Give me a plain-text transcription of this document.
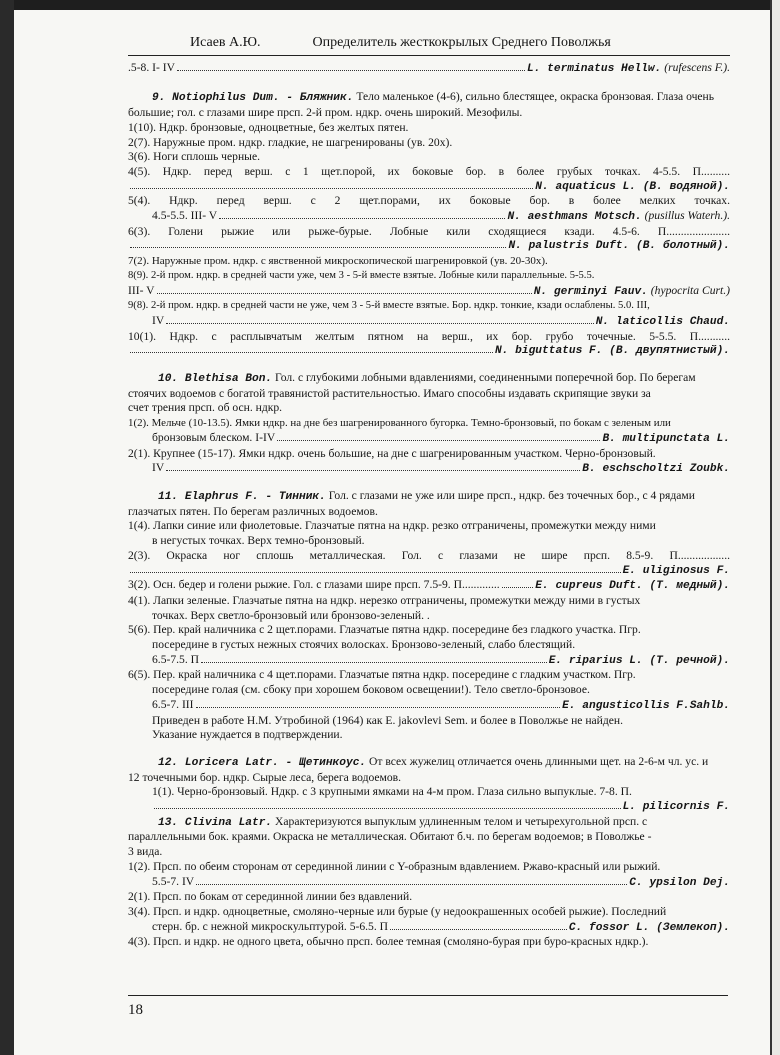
Исаев А.Ю.	Определитель жесткокрылых Среднего Поволжья
.5-8. I- IV	L. terminatus Hellw. (rufescens F.).
9. Notiophilus Dum. - Бляжник. Тело маленькое (4-6), сильно блестящее, окраска бронзовая. Глаза очень
большие; гол. с глазами шире прсп. 2-й пром. ндкр. очень широкий. Мезофилы.
1(10). Ндкр. бронзовые, одноцветные, без желтых пятен.
2(7). Наружные пром. ндкр. гладкие, не шагренированы (ув. 20х).
3(6). Ноги сплошь черные.
4(5). Ндкр. перед верш. с 1 щет.порой, их боковые бор. в более грубых точках. 4-5.5. П..........
N. aquaticus L. (B. водяной).
5(4). Ндкр. перед верш. с 2 щет.порами, их боковые бор. в более мелких точках.
4.5-5.5. III- V	N. aesthmans Motsch. (pusillus Waterh.).
6(3). Голени рыжие или рыже-бурые. Лобные кили сходящиеся кзади. 4.5-6. П......................
N. palustris Duft. (B. болотный).
7(2). Наружные пром. ндкр. с явственной микроскопической шагренировкой (ув. 20-30х).
8(9). 2-й пром. ндкр. в средней части уже, чем 3 - 5-й вместе взятые. Лобные кили параллельные. 5-5.5.
III- V	N. germinyi Fauv. (hypocrita Curt.)
9(8). 2-й пром. ндкр. в средней части не уже, чем 3 - 5-й вместе взятые. Бор. ндкр. тонкие, кзади ослаблены. 5.0. III,
IV	N. laticollis Chaud.
10(1). Ндкр. с расплывчатым желтым пятном на верш., их бор. грубо точечные. 5-5.5. П...........
N. biguttatus F. (B. двупятнистый).
10. Blethisa Bon. Гол. с глубокими лобными вдавлениями, соединенными поперечной бор. По берегам
стоячих водоемов с богатой травянистой растительностью. Имаго способны издавать скрипящие звуки за
счет трения прсп. об осн. ндкр.
1(2). Мельче (10-13.5). Ямки ндкр. на дне без шагренированного бугорка. Темно-бронзовый, по бокам с зеленым или
бронзовым блеском. I-IV	B. multipunctata L.
2(1). Крупнее (15-17). Ямки ндкр. очень большие, на дне с шагренированным участком. Черно-бронзовый.
IV	B. eschscholtzi Zoubk.
11. Elaphrus F. - Тинник. Гол. с глазами не уже или шире прсп., ндкр. без точечных бор., с 4 рядами
глазчатых пятен. По берегам различных водоемов.
1(4). Лапки синие или фиолетовые. Глазчатые пятна на ндкр. резко отграничены, промежутки между ними
в негустых точках. Верх темно-бронзовый.
2(3). Окраска ног сплошь металлическая. Гол. с глазами не шире прсп. 8.5-9. П..................
E. uliginosus F.
3(2). Осн. бедер и голени рыжие. Гол. с глазами шире прсп. 7.5-9. П.............	E. cupreus Duft. (T. медный).
4(1). Лапки зеленые. Глазчатые пятна на ндкр. нерезко отграничены, промежутки между ними в густых
точках. Верх светло-бронзовый или бронзово-зеленый. .
5(6). Пер. край наличника с 2 щет.порами. Глазчатые пятна ндкр. посередине без гладкого участка. Пгр.
посередине в густых нежных стоячих волосках. Бронзово-зеленый, слабо блестящий.
6.5-7.5. П	E. riparius L. (T. речной).
6(5). Пер. край наличника с 4 щет.порами. Глазчатые пятна ндкр. посередине с гладким участком. Пгр.
посередине голая (см. сбоку при хорошем боковом освещении!). Тело светло-бронзовое.
6.5-7. III	E. angusticollis F.Sahlb.
Приведен в работе Н.М. Утробиной (1964) как E. jakovlevi Sem. и более в Поволжье не найден.
Указание нуждается в подтверждении.
12. Loricera Latr. - Щетинкоус. От всех жужелиц отличается очень длинными щет. на 2-6-м чл. ус. и
12 точечными бор. ндкр. Сырые леса, берега водоемов.
1(1). Черно-бронзовый. Ндкр. с 3 крупными ямками на 4-м пром. Глаза сильно выпуклые. 7-8. П.
L. pilicornis F.
13. Clivina Latr. Характеризуются выпуклым удлиненным телом и четырехугольной прсп. с
параллельными бок. краями. Окраска не металлическая. Обитают б.ч. по берегам водоемов; в Поволжье -
3 вида.
1(2). Прсп. по обеим сторонам от серединной линии с Y-образным вдавлением. Ржаво-красный или рыжий.
5.5-7. IV	C. ypsilon Dej.
2(1). Прсп. по бокам от серединной линии без вдавлений.
3(4). Прсп. и ндкр. одноцветные, смоляно-черные или бурые (у недоокрашенных особей рыжие). Последний
стерн. бр. с нежной микроскульптурой. 5-6.5. П	C. fossor L. (Землекоп).
4(3). Прсп. и ндкр. не одного цвета, обычно прсп. более темная (смоляно-бурая при буро-красных ндкр.).
18
